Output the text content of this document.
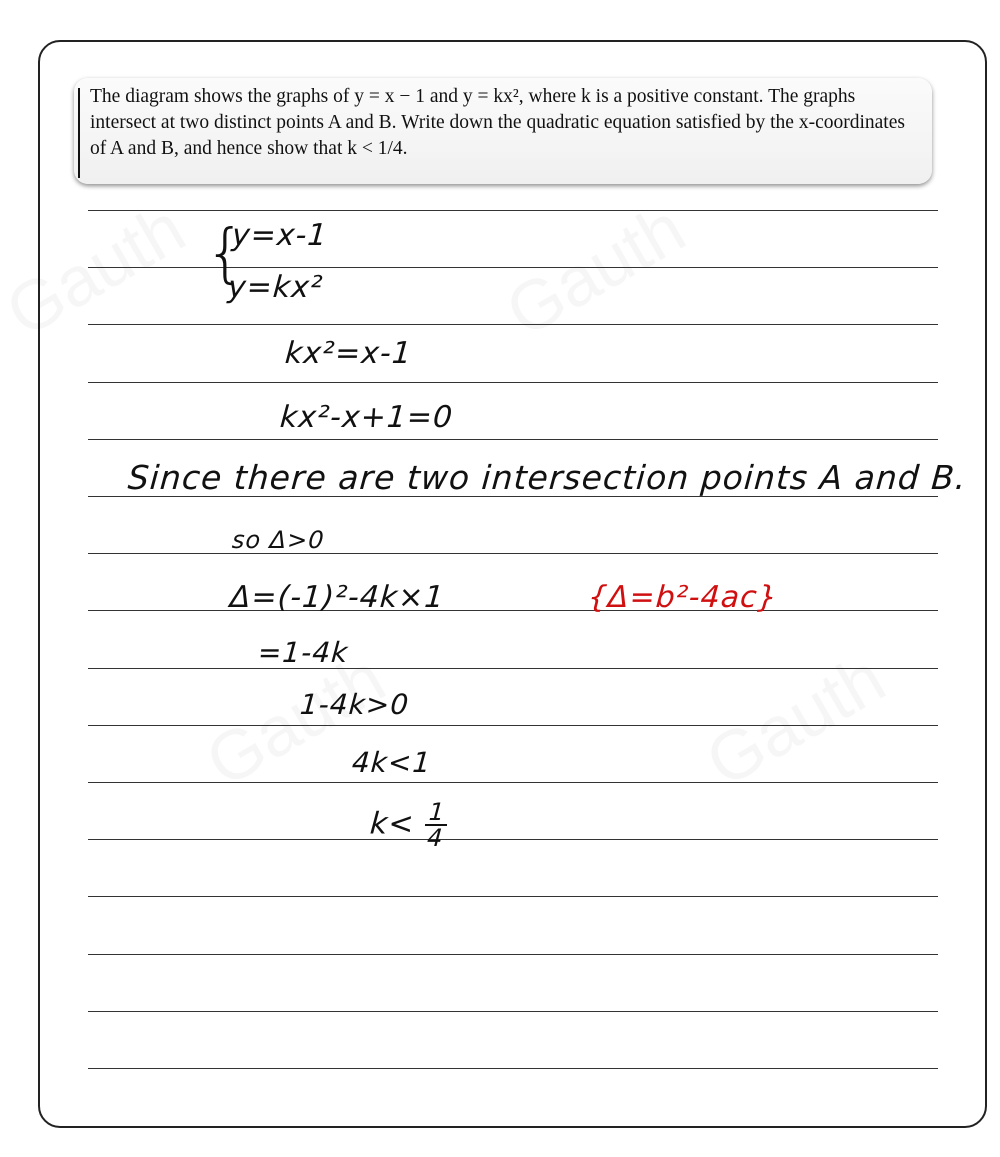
The diagram shows the graphs of y = x − 1 and y = kx², where k is a positive constant. The graphs intersect at two distinct points A and B. Write down the quadratic equation satisfied by the x-coordinates of A and B, and hence show that k < 1/4.
{
y=x-1
y=kx²
kx²=x-1
kx²-x+1=0
Since there are two intersection points A and B.
so Δ>0
Δ=(-1)²-4k×1	{Δ=b²-4ac}
=1-4k
1-4k>0
4k<1
$k< \frac{1}{4}$
